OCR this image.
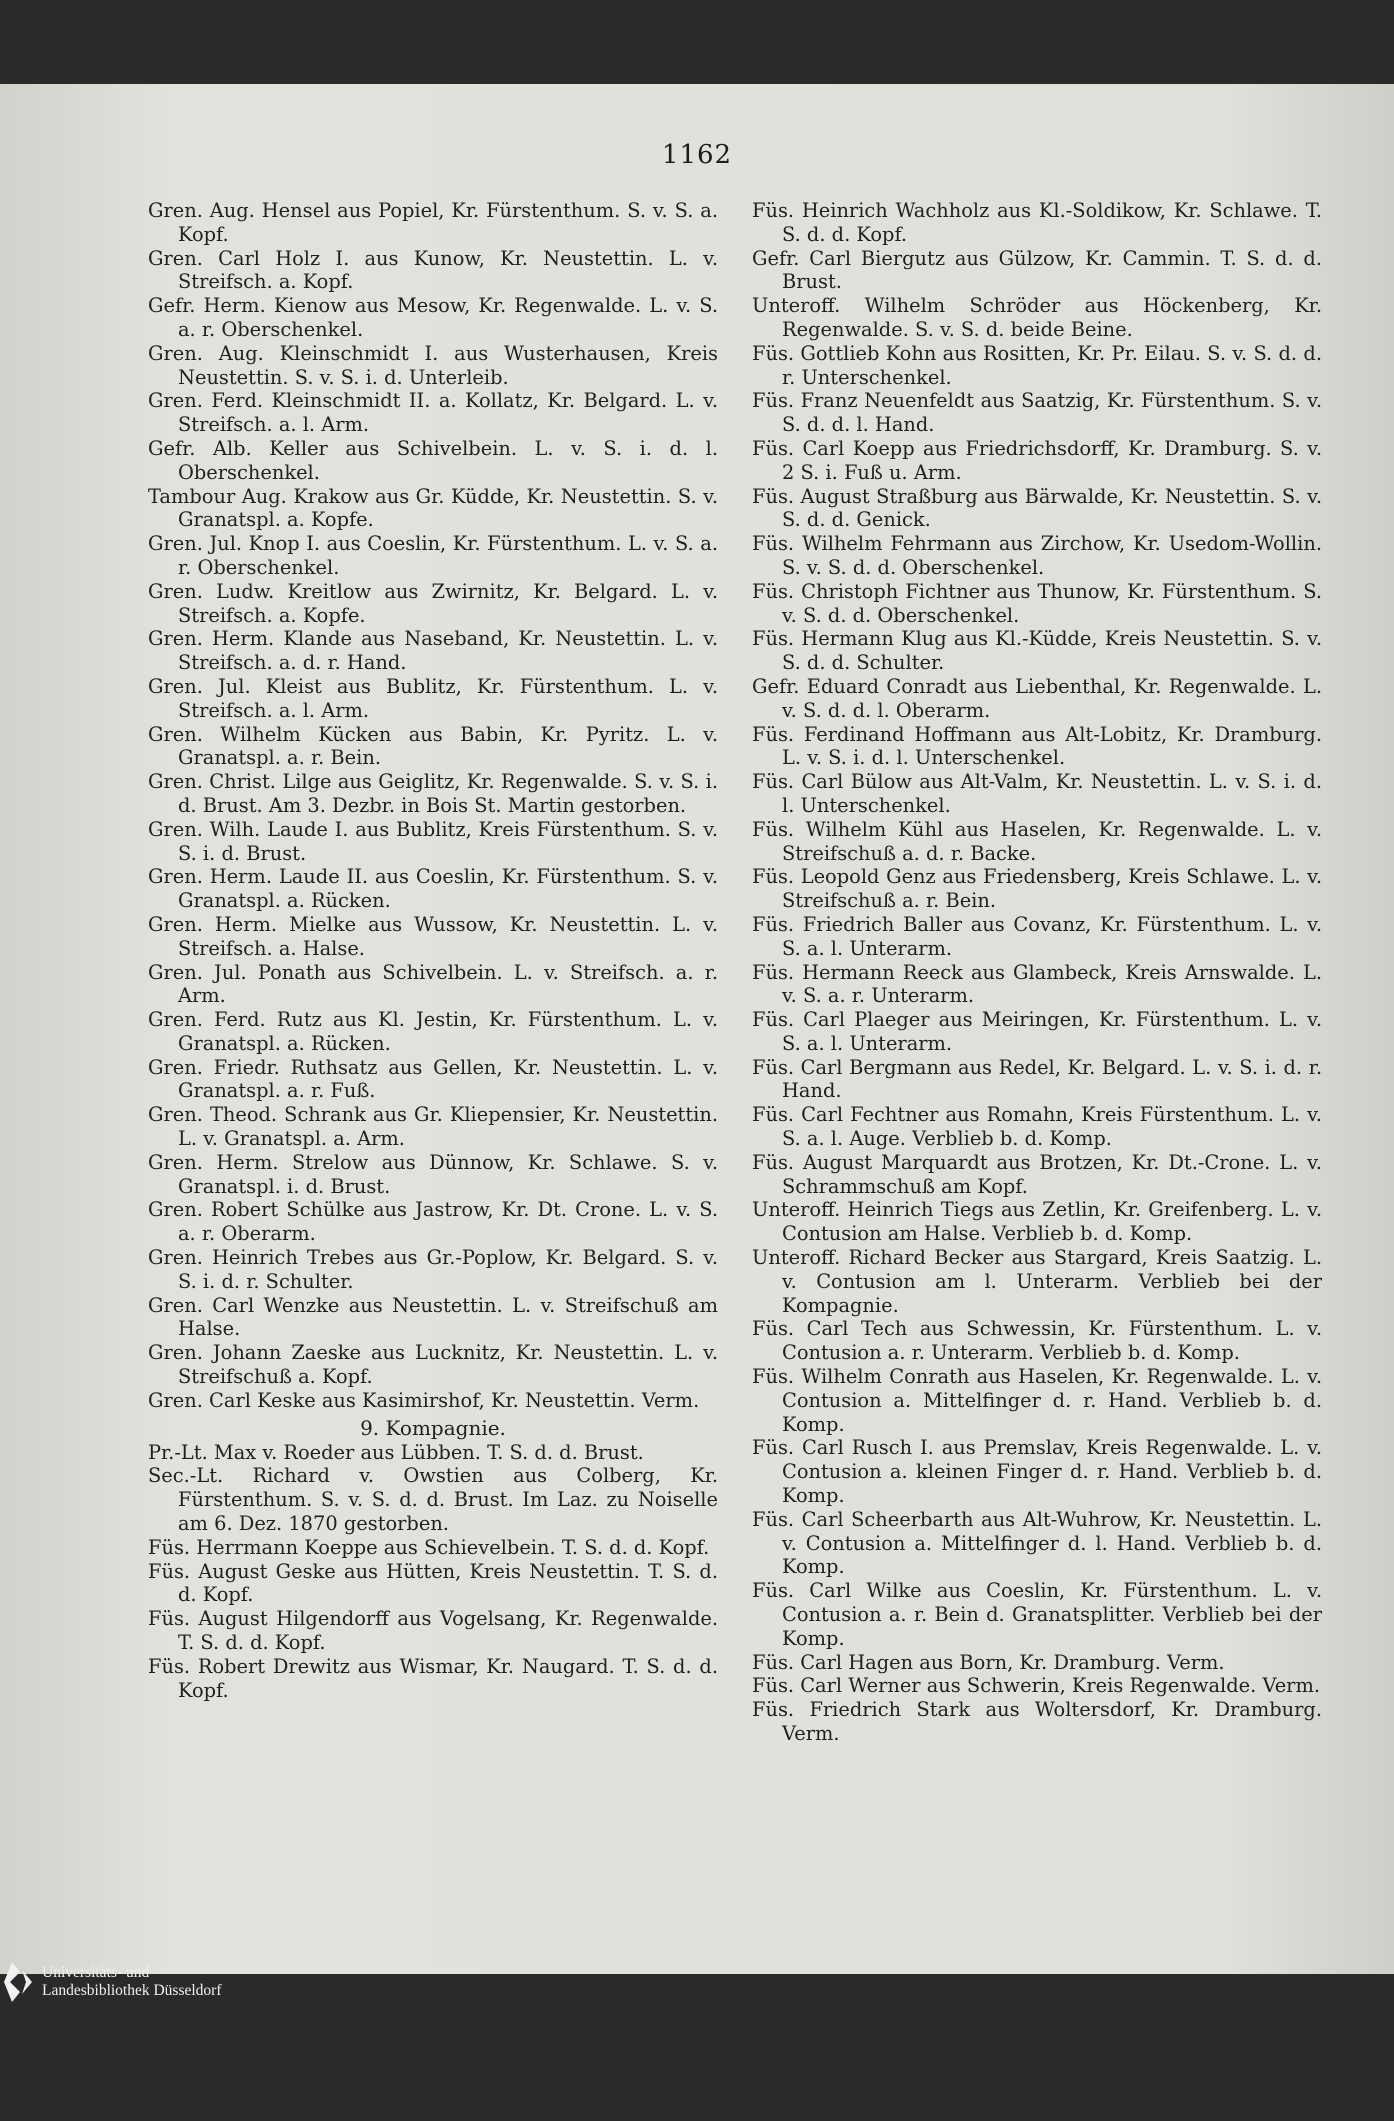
1162
Gren. Aug. Hensel aus Popiel, Kr. Fürstenthum. S. v. S. a. Kopf.
Gren. Carl Holz I. aus Kunow, Kr. Neustettin. L. v. Streifsch. a. Kopf.
Gefr. Herm. Kienow aus Mesow, Kr. Regenwalde. L. v. S. a. r. Oberschenkel.
Gren. Aug. Kleinschmidt I. aus Wusterhausen, Kreis Neustettin. S. v. S. i. d. Unterleib.
Gren. Ferd. Kleinschmidt II. a. Kollatz, Kr. Belgard. L. v. Streifsch. a. l. Arm.
Gefr. Alb. Keller aus Schivelbein. L. v. S. i. d. l. Oberschenkel.
Tambour Aug. Krakow aus Gr. Küdde, Kr. Neustettin. S. v. Granatspl. a. Kopfe.
Gren. Jul. Knop I. aus Coeslin, Kr. Fürstenthum. L. v. S. a. r. Oberschenkel.
Gren. Ludw. Kreitlow aus Zwirnitz, Kr. Belgard. L. v. Streifsch. a. Kopfe.
Gren. Herm. Klande aus Naseband, Kr. Neustettin. L. v. Streifsch. a. d. r. Hand.
Gren. Jul. Kleist aus Bublitz, Kr. Fürstenthum. L. v. Streifsch. a. l. Arm.
Gren. Wilhelm Kücken aus Babin, Kr. Pyritz. L. v. Granatspl. a. r. Bein.
Gren. Christ. Lilge aus Geiglitz, Kr. Regenwalde. S. v. S. i. d. Brust. Am 3. Dezbr. in Bois St. Martin gestorben.
Gren. Wilh. Laude I. aus Bublitz, Kreis Fürstenthum. S. v. S. i. d. Brust.
Gren. Herm. Laude II. aus Coeslin, Kr. Fürstenthum. S. v. Granatspl. a. Rücken.
Gren. Herm. Mielke aus Wussow, Kr. Neustettin. L. v. Streifsch. a. Halse.
Gren. Jul. Ponath aus Schivelbein. L. v. Streifsch. a. r. Arm.
Gren. Ferd. Rutz aus Kl. Jestin, Kr. Fürstenthum. L. v. Granatspl. a. Rücken.
Gren. Friedr. Ruthsatz aus Gellen, Kr. Neustettin. L. v. Granatspl. a. r. Fuß.
Gren. Theod. Schrank aus Gr. Kliepensier, Kr. Neustettin. L. v. Granatspl. a. Arm.
Gren. Herm. Strelow aus Dünnow, Kr. Schlawe. S. v. Granatspl. i. d. Brust.
Gren. Robert Schülke aus Jastrow, Kr. Dt. Crone. L. v. S. a. r. Oberarm.
Gren. Heinrich Trebes aus Gr.-Poplow, Kr. Belgard. S. v. S. i. d. r. Schulter.
Gren. Carl Wenzke aus Neustettin. L. v. Streifschuß am Halse.
Gren. Johann Zaeske aus Lucknitz, Kr. Neustettin. L. v. Streifschuß a. Kopf.
Gren. Carl Keske aus Kasimirshof, Kr. Neustettin. Verm.
9. Kompagnie.
Pr.-Lt. Max v. Roeder aus Lübben. T. S. d. d. Brust.
Sec.-Lt. Richard v. Owstien aus Colberg, Kr. Fürstenthum. S. v. S. d. d. Brust. Im Laz. zu Noiselle am 6. Dez. 1870 gestorben.
Füs. Herrmann Koeppe aus Schievelbein. T. S. d. d. Kopf.
Füs. August Geske aus Hütten, Kreis Neustettin. T. S. d. d. Kopf.
Füs. August Hilgendorff aus Vogelsang, Kr. Regenwalde. T. S. d. d. Kopf.
Füs. Robert Drewitz aus Wismar, Kr. Naugard. T. S. d. d. Kopf.
Füs. Heinrich Wachholz aus Kl.-Soldikow, Kr. Schlawe. T. S. d. d. Kopf.
Gefr. Carl Biergutz aus Gülzow, Kr. Cammin. T. S. d. d. Brust.
Unteroff. Wilhelm Schröder aus Höckenberg, Kr. Regenwalde. S. v. S. d. beide Beine.
Füs. Gottlieb Kohn aus Rositten, Kr. Pr. Eilau. S. v. S. d. d. r. Unterschenkel.
Füs. Franz Neuenfeldt aus Saatzig, Kr. Fürstenthum. S. v. S. d. d. l. Hand.
Füs. Carl Koepp aus Friedrichsdorff, Kr. Dramburg. S. v. 2 S. i. Fuß u. Arm.
Füs. August Straßburg aus Bärwalde, Kr. Neustettin. S. v. S. d. d. Genick.
Füs. Wilhelm Fehrmann aus Zirchow, Kr. Usedom-Wollin. S. v. S. d. d. Oberschenkel.
Füs. Christoph Fichtner aus Thunow, Kr. Fürstenthum. S. v. S. d. d. Oberschenkel.
Füs. Hermann Klug aus Kl.-Küdde, Kreis Neustettin. S. v. S. d. d. Schulter.
Gefr. Eduard Conradt aus Liebenthal, Kr. Regenwalde. L. v. S. d. d. l. Oberarm.
Füs. Ferdinand Hoffmann aus Alt-Lobitz, Kr. Dramburg. L. v. S. i. d. l. Unterschenkel.
Füs. Carl Bülow aus Alt-Valm, Kr. Neustettin. L. v. S. i. d. l. Unterschenkel.
Füs. Wilhelm Kühl aus Haselen, Kr. Regenwalde. L. v. Streifschuß a. d. r. Backe.
Füs. Leopold Genz aus Friedensberg, Kreis Schlawe. L. v. Streifschuß a. r. Bein.
Füs. Friedrich Baller aus Covanz, Kr. Fürstenthum. L. v. S. a. l. Unterarm.
Füs. Hermann Reeck aus Glambeck, Kreis Arnswalde. L. v. S. a. r. Unterarm.
Füs. Carl Plaeger aus Meiringen, Kr. Fürstenthum. L. v. S. a. l. Unterarm.
Füs. Carl Bergmann aus Redel, Kr. Belgard. L. v. S. i. d. r. Hand.
Füs. Carl Fechtner aus Romahn, Kreis Fürstenthum. L. v. S. a. l. Auge. Verblieb b. d. Komp.
Füs. August Marquardt aus Brotzen, Kr. Dt.-Crone. L. v. Schrammschuß am Kopf.
Unteroff. Heinrich Tiegs aus Zetlin, Kr. Greifenberg. L. v. Contusion am Halse. Verblieb b. d. Komp.
Unteroff. Richard Becker aus Stargard, Kreis Saatzig. L. v. Contusion am l. Unterarm. Verblieb bei der Kompagnie.
Füs. Carl Tech aus Schwessin, Kr. Fürstenthum. L. v. Contusion a. r. Unterarm. Verblieb b. d. Komp.
Füs. Wilhelm Conrath aus Haselen, Kr. Regenwalde. L. v. Contusion a. Mittelfinger d. r. Hand. Verblieb b. d. Komp.
Füs. Carl Rusch I. aus Premslav, Kreis Regenwalde. L. v. Contusion a. kleinen Finger d. r. Hand. Verblieb b. d. Komp.
Füs. Carl Scheerbarth aus Alt-Wuhrow, Kr. Neustettin. L. v. Contusion a. Mittelfinger d. l. Hand. Verblieb b. d. Komp.
Füs. Carl Wilke aus Coeslin, Kr. Fürstenthum. L. v. Contusion a. r. Bein d. Granatsplitter. Verblieb bei der Komp.
Füs. Carl Hagen aus Born, Kr. Dramburg. Verm.
Füs. Carl Werner aus Schwerin, Kreis Regenwalde. Verm.
Füs. Friedrich Stark aus Woltersdorf, Kr. Dramburg. Verm.
Universitäts- und
Landesbibliothek Düsseldorf
